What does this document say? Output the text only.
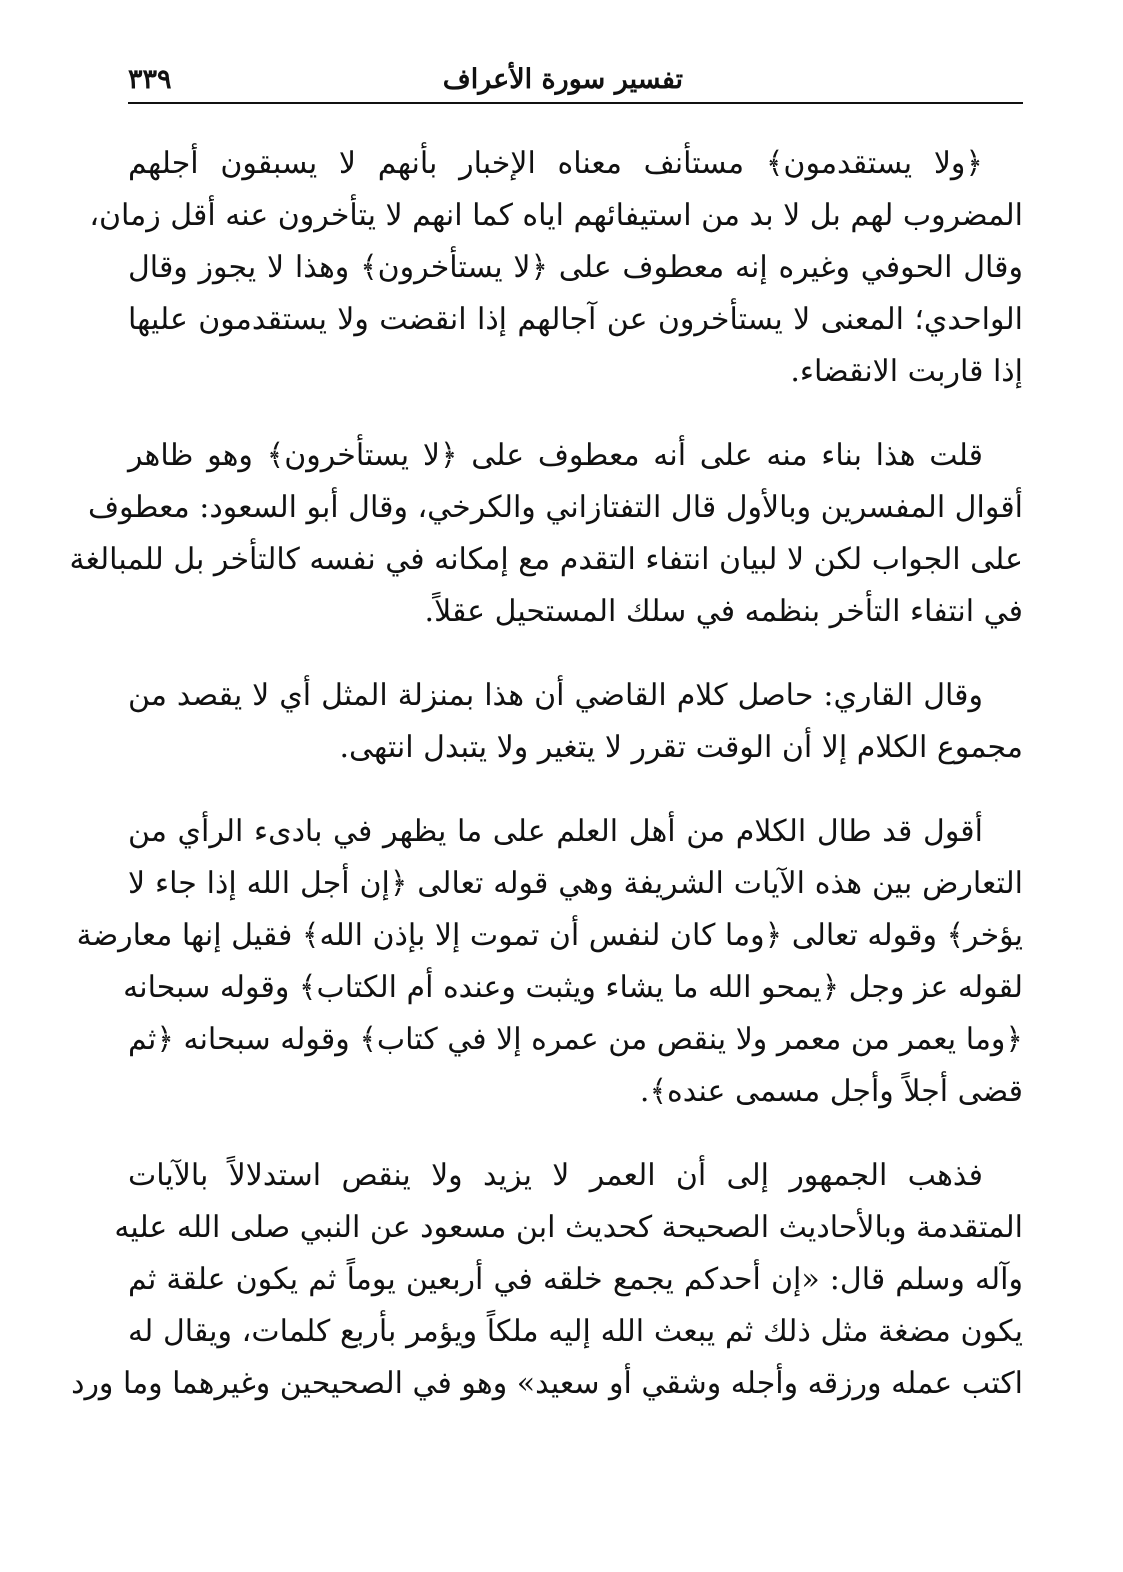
تفسير سورة الأعراف
٣٣٩
﴿ولا يستقدمون﴾ مستأنف معناه الإخبار بأنهم لا يسبقون أجلهم
المضروب لهم بل لا بد من استيفائهم اياه كما انهم لا يتأخرون عنه أقل زمان،
وقال الحوفي وغيره إنه معطوف على ﴿لا يستأخرون﴾ وهذا لا يجوز وقال
الواحدي؛ المعنى لا يستأخرون عن آجالهم إذا انقضت ولا يستقدمون عليها
إذا قاربت الانقضاء.
قلت هذا بناء منه على أنه معطوف على ﴿لا يستأخرون﴾ وهو ظاهر
أقوال المفسرين وبالأول قال التفتازاني والكرخي، وقال أبو السعود: معطوف
على الجواب لكن لا لبيان انتفاء التقدم مع إمكانه في نفسه كالتأخر بل للمبالغة
في انتفاء التأخر بنظمه في سلك المستحيل عقلاً.
وقال القاري: حاصل كلام القاضي أن هذا بمنزلة المثل أي لا يقصد من
مجموع الكلام إلا أن الوقت تقرر لا يتغير ولا يتبدل انتهى.
أقول قد طال الكلام من أهل العلم على ما يظهر في بادىء الرأي من
التعارض بين هذه الآيات الشريفة وهي قوله تعالى ﴿إن أجل الله إذا جاء لا
يؤخر﴾ وقوله تعالى ﴿وما كان لنفس أن تموت إلا بإذن الله﴾ فقيل إنها معارضة
لقوله عز وجل ﴿يمحو الله ما يشاء ويثبت وعنده أم الكتاب﴾ وقوله سبحانه
﴿وما يعمر من معمر ولا ينقص من عمره إلا في كتاب﴾ وقوله سبحانه ﴿ثم
قضى أجلاً وأجل مسمى عنده﴾.
فذهب الجمهور إلى أن العمر لا يزيد ولا ينقص استدلالاً بالآيات
المتقدمة وبالأحاديث الصحيحة كحديث ابن مسعود عن النبي صلى الله عليه
وآله وسلم قال: «إن أحدكم يجمع خلقه في أربعين يوماً ثم يكون علقة ثم
يكون مضغة مثل ذلك ثم يبعث الله إليه ملكاً ويؤمر بأربع كلمات، ويقال له
اكتب عمله ورزقه وأجله وشقي أو سعيد» وهو في الصحيحين وغيرهما وما ورد
